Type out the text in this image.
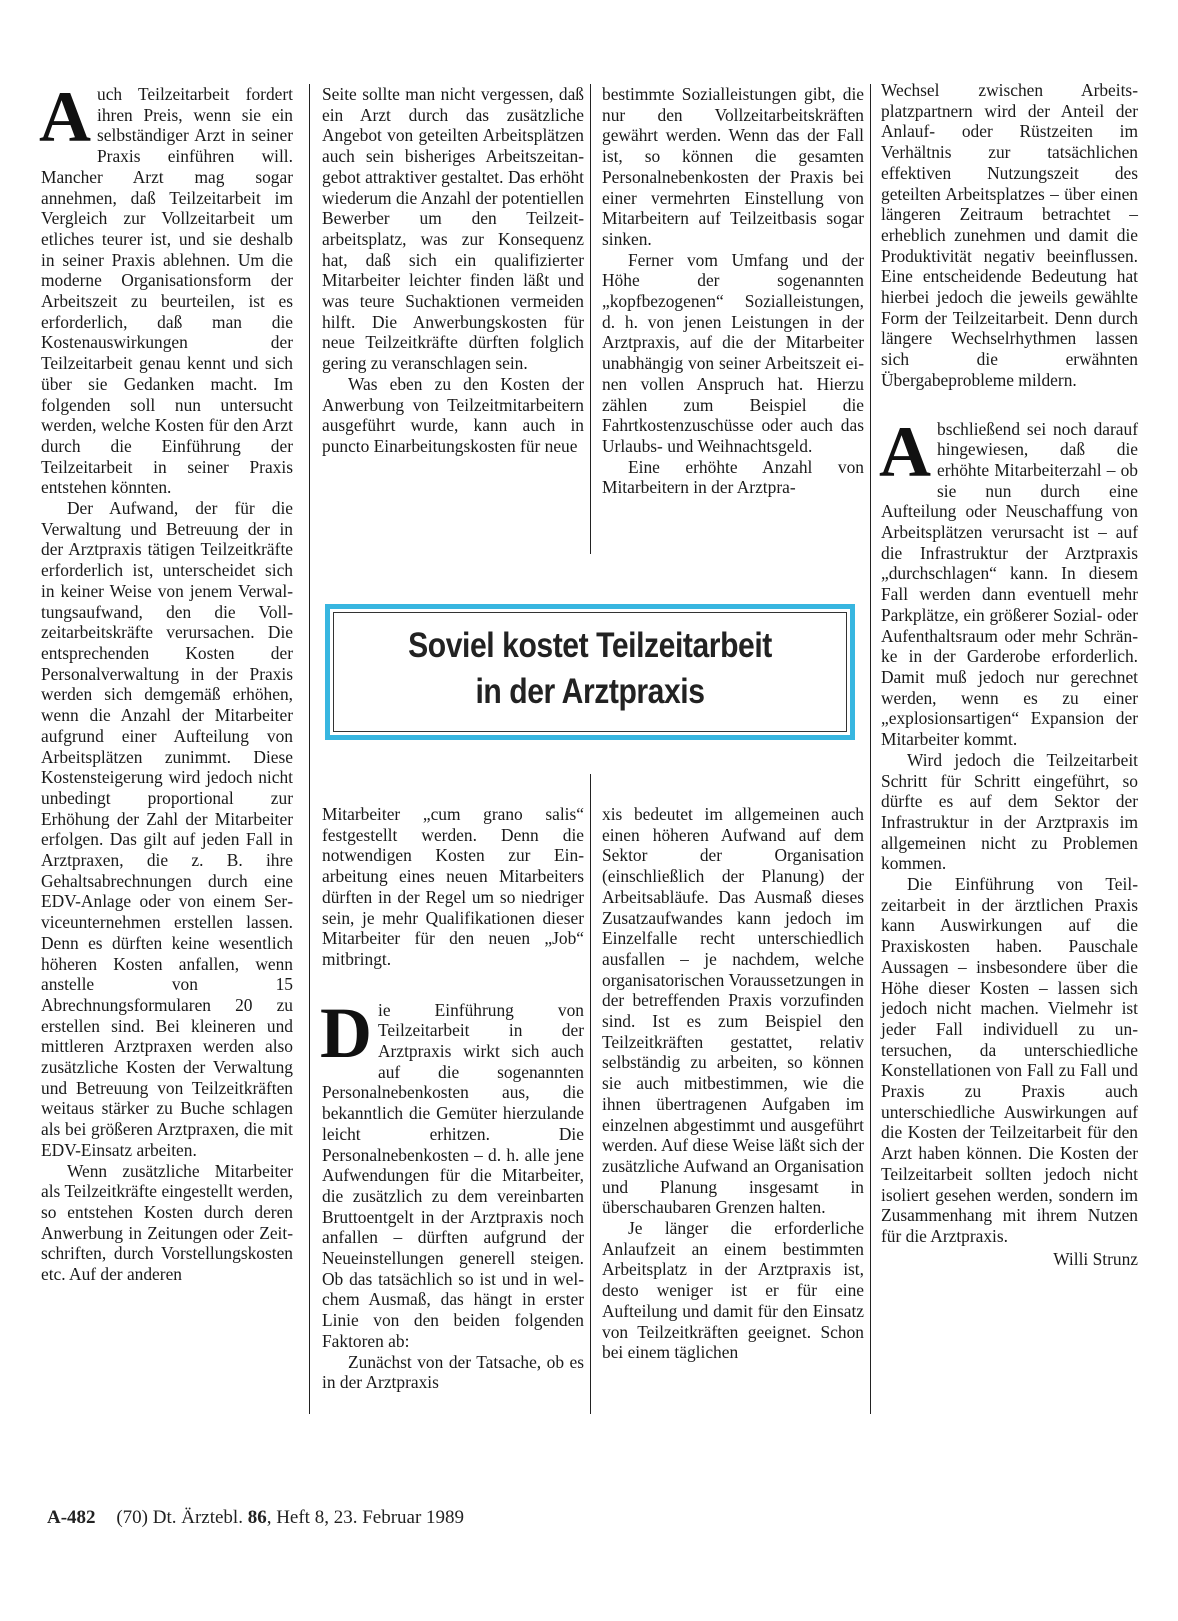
Auch Teilzeitarbeit fordert ihren Preis, wenn sie ein selbständiger Arzt in seiner Praxis einführen will. Mancher Arzt mag sogar annehmen, daß Teilzeitarbeit im Vergleich zur Vollzeitarbeit um etliches teurer ist, und sie deshalb in seiner Praxis ablehnen. Um die moderne Organisationsform der Arbeitszeit zu beurteilen, ist es erforderlich, daß man die Kostenauswirkungen der Teilzeitarbeit genau kennt und sich über sie Gedanken macht. Im folgenden soll nun untersucht werden, welche Kosten für den Arzt durch die Einführung der Teilzeitarbeit in seiner Praxis entstehen könnten.

Der Aufwand, der für die Verwaltung und Betreuung der in der Arztpraxis tätigen Teilzeitkräfte erforderlich ist, unterscheidet sich in keiner Weise von jenem Verwaltungsaufwand, den die Vollzeitarbeitskräfte verursachen. Die entsprechenden Kosten der Personalverwaltung in der Praxis werden sich demgemäß erhöhen, wenn die Anzahl der Mitarbeiter aufgrund einer Aufteilung von Arbeitsplätzen zunimmt. Diese Kostensteigerung wird jedoch nicht unbedingt proportional zur Erhöhung der Zahl der Mitarbeiter erfolgen. Das gilt auf jeden Fall in Arztpraxen, die z. B. ihre Gehaltsabrechnungen durch eine EDV-Anlage oder von einem Serviceunternehmen erstellen lassen. Denn es dürften keine wesentlich höheren Kosten anfallen, wenn anstelle von 15 Abrechnungsformularen 20 zu erstellen sind. Bei kleineren und mittleren Arztpraxen werden also zusätzliche Kosten der Verwaltung und Betreuung von Teilzeitkräften weitaus stärker zu Buche schlagen als bei größeren Arztpraxen, die mit EDV-Einsatz arbeiten.

Wenn zusätzliche Mitarbeiter als Teilzeitkräfte eingestellt werden, so entstehen Kosten durch deren Anwerbung in Zeitungen oder Zeitschriften, durch Vorstellungskosten etc. Auf der anderen

Seite sollte man nicht vergessen, daß ein Arzt durch das zusätzliche Angebot von geteilten Arbeitsplätzen auch sein bisheriges Arbeitszeitangebot attraktiver gestaltet. Das erhöht wiederum die Anzahl der potentiellen Bewerber um den Teilzeitarbeitsplatz, was zur Konsequenz hat, daß sich ein qualifizierter Mitarbeiter leichter finden läßt und was teure Suchaktionen vermeiden hilft. Die Anwerbungskosten für neue Teilzeitkräfte dürften folglich gering zu veranschlagen sein.

Was eben zu den Kosten der Anwerbung von Teilzeitmitarbeitern ausgeführt wurde, kann auch in puncto Einarbeitungskosten für neue

bestimmte Sozialleistungen gibt, die nur den Vollzeitarbeitskräften gewährt werden. Wenn das der Fall ist, so können die gesamten Personalnebenkosten der Praxis bei einer vermehrten Einstellung von Mitarbeitern auf Teilzeitbasis sogar sinken.

Ferner vom Umfang und der Höhe der sogenannten „kopfbezogenen“ Sozialleistungen, d. h. von jenen Leistungen in der Arztpraxis, auf die der Mitarbeiter unabhängig von seiner Arbeitszeit einen vollen Anspruch hat. Hierzu zählen zum Beispiel die Fahrtkostenzuschüsse oder auch das Urlaubs- und Weihnachtsgeld.

Eine erhöhte Anzahl von Mitarbeitern in der Arztpra-

Soviel kostet Teilzeitarbeit
in der Arztpraxis

Wechsel zwischen Arbeitsplatzpartnern wird der Anteil der Anlauf- oder Rüstzeiten im Verhältnis zur tatsächlichen effektiven Nutzungszeit des geteilten Arbeitsplatzes – über einen längeren Zeitraum betrachtet – erheblich zunehmen und damit die Produktivität negativ beeinflussen. Eine entscheidende Bedeutung hat hierbei jedoch die jeweils gewählte Form der Teilzeitarbeit. Denn durch längere Wechselrhythmen lassen sich die erwähnten Übergabeprobleme mildern.

Abschließend sei noch darauf hingewiesen, daß die erhöhte Mitarbeiterzahl – ob sie nun durch eine Aufteilung oder Neuschaffung von Arbeitsplätzen verursacht ist – auf die Infrastruktur der Arztpraxis „durchschlagen“ kann. In diesem Fall werden dann eventuell mehr Parkplätze, ein größerer Sozial- oder Aufenthaltsraum oder mehr Schränke in der Garderobe erforderlich. Damit muß jedoch nur gerechnet werden, wenn es zu einer „explosionsartigen“ Expansion der Mitarbeiter kommt.

Wird jedoch die Teilzeitarbeit Schritt für Schritt eingeführt, so dürfte es auf dem Sektor der Infrastruktur in der Arztpraxis im allgemeinen nicht zu Problemen kommen.

Die Einführung von Teilzeitarbeit in der ärztlichen Praxis kann Auswirkungen auf die Praxiskosten haben. Pauschale Aussagen – insbesondere über die Höhe dieser Kosten – lassen sich jedoch nicht machen. Vielmehr ist jeder Fall individuell zu untersuchen, da unterschiedliche Konstellationen von Fall zu Fall und Praxis zu Praxis auch unterschiedliche Auswirkungen auf die Kosten der Teilzeitarbeit für den Arzt haben können. Die Kosten der Teilzeitarbeit sollten jedoch nicht isoliert gesehen werden, sondern im Zusammenhang mit ihrem Nutzen für die Arztpraxis.

Willi Strunz

Mitarbeiter „cum grano salis“ festgestellt werden. Denn die notwendigen Kosten zur Einarbeitung eines neuen Mitarbeiters dürften in der Regel um so niedriger sein, je mehr Qualifikationen dieser Mitarbeiter für den neuen „Job“ mitbringt.

Die Einführung von Teilzeitarbeit in der Arztpraxis wirkt sich auch auf die sogenannten Personalnebenkosten aus, die bekanntlich die Gemüter hierzulande leicht erhitzen. Die Personalnebenkosten – d. h. alle jene Aufwendungen für die Mitarbeiter, die zusätzlich zu dem vereinbarten Bruttoentgelt in der Arztpraxis noch anfallen – dürften aufgrund der Neueinstellungen generell steigen. Ob das tatsächlich so ist und in welchem Ausmaß, das hängt in erster Linie von den beiden folgenden Faktoren ab:

Zunächst von der Tatsache, ob es in der Arztpraxis

xis bedeutet im allgemeinen auch einen höheren Aufwand auf dem Sektor der Organisation (einschließlich der Planung) der Arbeitsabläufe. Das Ausmaß dieses Zusatzaufwandes kann jedoch im Einzelfalle recht unterschiedlich ausfallen – je nachdem, welche organisatorischen Voraussetzungen in der betreffenden Praxis vorzufinden sind. Ist es zum Beispiel den Teilzeitkräften gestattet, relativ selbständig zu arbeiten, so können sie auch mitbestimmen, wie die ihnen übertragenen Aufgaben im einzelnen abgestimmt und ausgeführt werden. Auf diese Weise läßt sich der zusätzliche Aufwand an Organisation und Planung insgesamt in überschaubaren Grenzen halten.

Je länger die erforderliche Anlaufzeit an einem bestimmten Arbeitsplatz in der Arztpraxis ist, desto weniger ist er für eine Aufteilung und damit für den Einsatz von Teilzeitkräften geeignet. Schon bei einem täglichen

A-482 (70) Dt. Ärztebl. 86, Heft 8, 23. Februar 1989
